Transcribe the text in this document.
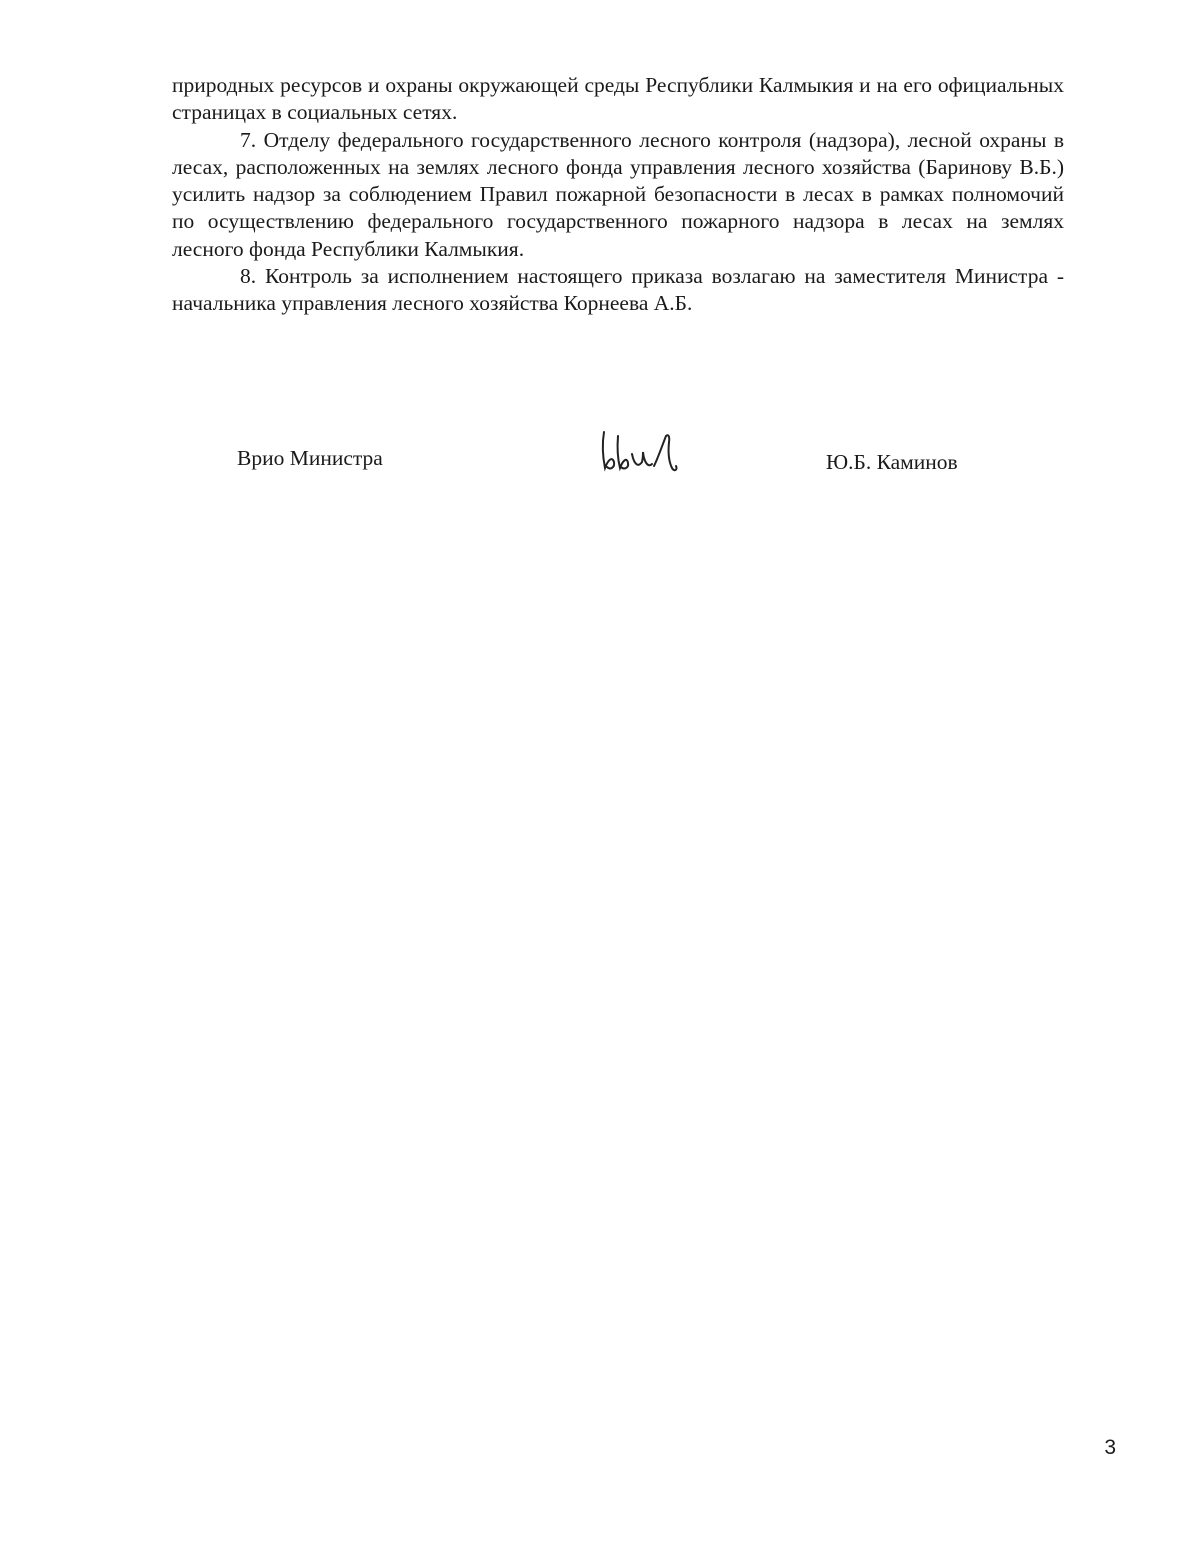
природных ресурсов и охраны окружающей среды Республики Калмыкия и на его официальных страницах в социальных сетях.

7. Отделу федерального государственного лесного контроля (надзора), лесной охраны в лесах, расположенных на землях лесного фонда управления лесного хозяйства (Баринову В.Б.) усилить надзор за соблюдением Правил пожарной безопасности в лесах в рамках полномочий по осуществлению федерального государственного пожарного надзора в лесах на землях лесного фонда Республики Калмыкия.

8. Контроль за исполнением настоящего приказа возлагаю на заместителя Министра - начальника управления лесного хозяйства Корнеева А.Б.

Врио Министра	Ю.Б. Каминов
3
